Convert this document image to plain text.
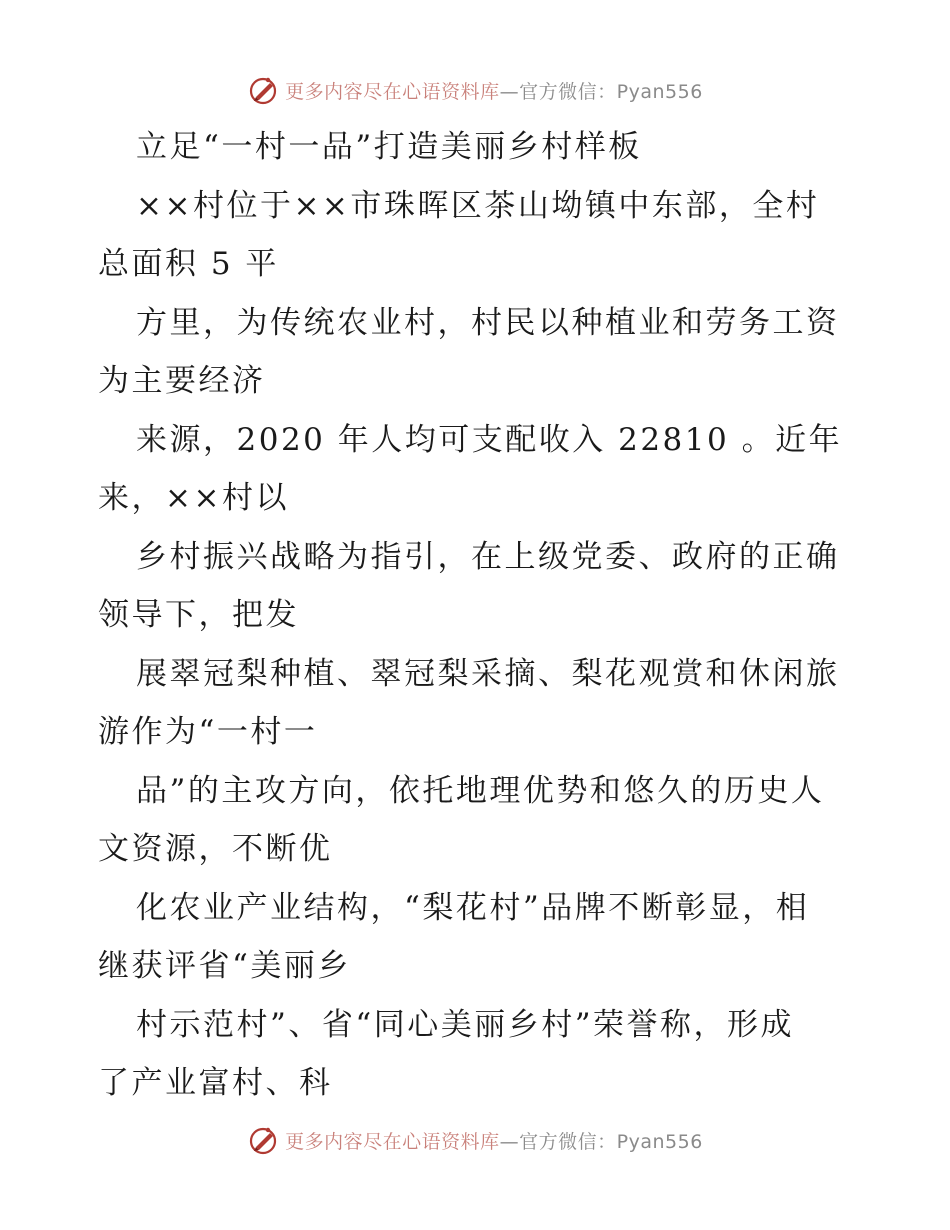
更多内容尽在心语资料库—官方微信：Pyan556
立足“一村一品”打造美丽乡村样板
××村位于××市珠晖区茶山坳镇中东部，全村
总面积 5 平
方里，为传统农业村，村民以种植业和劳务工资
为主要经济
来源，2020 年人均可支配收入 22810 。近年
来，××村以
乡村振兴战略为指引，在上级党委、政府的正确
领导下，把发
展翠冠梨种植、翠冠梨采摘、梨花观赏和休闲旅
游作为“一村一
品”的主攻方向，依托地理优势和悠久的历史人
文资源，不断优
化农业产业结构，“梨花村”品牌不断彰显，相
继获评省“美丽乡
村示范村”、省“同心美丽乡村”荣誉称，形成
了产业富村、科
更多内容尽在心语资料库—官方微信：Pyan556
